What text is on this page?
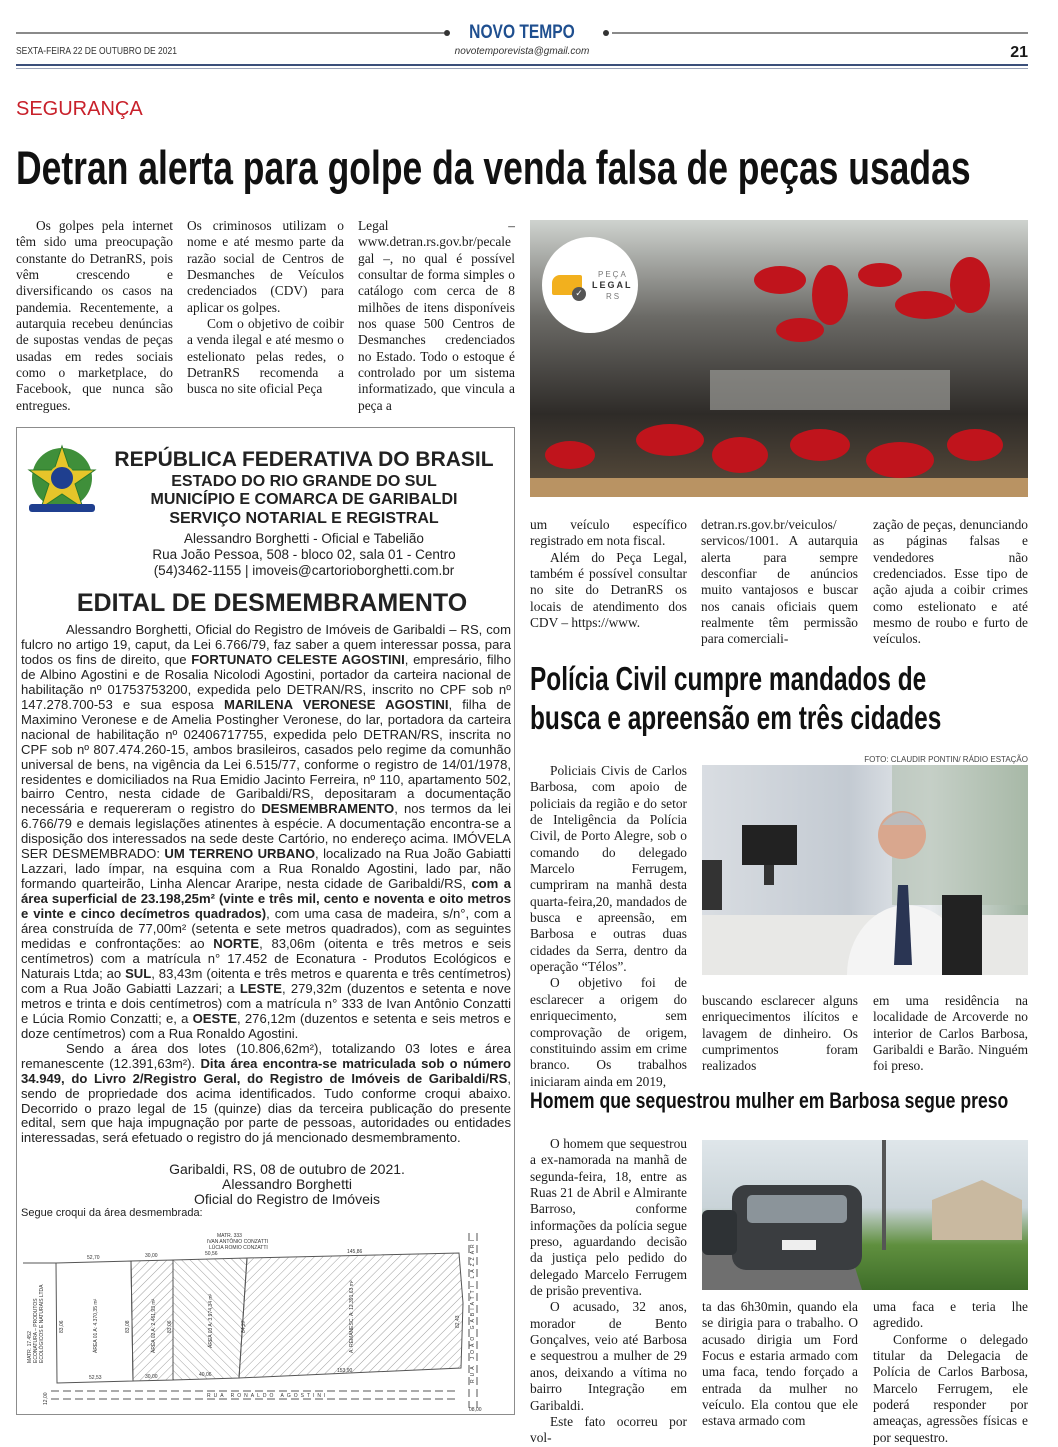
NOVO TEMPO
SEXTA-FEIRA 22 DE OUTUBRO DE 2021	novotemporevista@gmail.com	21
SEGURANÇA
Detran alerta para golpe da venda falsa de peças usadas

Os golpes pela internet têm sido uma preocupação constante do DetranRS, pois vêm crescendo e diversificando os casos na pandemia. Recentemente, a autarquia recebeu denúncias de supostas vendas de peças usadas em redes sociais como o marketplace, do Facebook, que nunca são entregues.

Os criminosos utilizam o nome e até mesmo parte da razão social de Centros de Desmanches de Veículos credenciados (CDV) para aplicar os golpes.

Com o objetivo de coibir a venda ilegal e até mesmo o estelionato pelas redes, o DetranRS recomenda a busca no site oficial Peça

Legal – www.detran.rs.gov.br/pecalegal –, no qual é possível consultar de forma simples o catálogo com cerca de 8 milhões de itens disponíveis nos quase 500 Centros de Desmanches credenciados no Estado. Todo o estoque é controlado por um sistema informatizado, que vincula a peça a

✓
PEÇA
LEGAL
RS

um veículo específico registrado em nota fiscal.

Além do Peça Legal, também é possível consultar no site do DetranRS os locais de atendimento dos CDV – https://www.

detran.rs.gov.br/veiculos/ servicos/1001. A autarquia alerta para sempre desconfiar de anúncios muito vantajosos e buscar nos canais oficiais quem realmente têm permissão para comerciali-

zação de peças, denunciando as páginas falsas e vendedores não credenciados. Esse tipo de ação ajuda a coibir crimes como estelionato e até mesmo de roubo e furto de veículos.

REPÚBLICA FEDERATIVA DO BRASIL
ESTADO DO RIO GRANDE DO SUL
MUNICÍPIO E COMARCA DE GARIBALDI
SERVIÇO NOTARIAL E REGISTRAL
Alessandro Borghetti - Oficial e Tabelião
Rua João Pessoa, 508 - bloco 02, sala 01 - Centro
(54)3462-1155 | imoveis@cartorioborghetti.com.br
EDITAL DE DESMEMBRAMENTO

Alessandro Borghetti, Oficial do Registro de Imóveis de Garibaldi – RS, com fulcro no artigo 19, caput, da Lei 6.766/79, faz saber a quem interessar possa, para todos os fins de direito, que FORTUNATO CELESTE AGOSTINI, empresário, filho de Albino Agostini e de Rosalia Nicolodi Agostini, portador da carteira nacional de habilitação nº 01753753200, expedida pelo DETRAN/RS, inscrito no CPF sob nº 147.278.700-53 e sua esposa MARILENA VERONESE AGOSTINI, filha de Maximino Veronese e de Amelia Postingher Veronese, do lar, portadora da carteira nacional de habilitação nº 02406717755, expedida pelo DETRAN/RS, inscrita no CPF sob nº 807.474.260-15, ambos brasileiros, casados pelo regime da comunhão universal de bens, na vigência da Lei 6.515/77, conforme o registro de 14/01/1978, residentes e domiciliados na Rua Emidio Jacinto Ferreira, nº 110, apartamento 502, bairro Centro, nesta cidade de Garibaldi/RS, depositaram a documentação necessária e requereram o registro do DESMEMBRAMENTO, nos termos da lei 6.766/79 e demais legislações atinentes à espécie. A documentação encontra-se a disposição dos interessados na sede deste Cartório, no endereço acima. IMÓVELA SER DESMEMBRADO: UM TERRENO URBANO, localizado na Rua João Gabiatti Lazzari, lado ímpar, na esquina com a Rua Ronaldo Agostini, lado par, não formando quarteirão, Linha Alencar Araripe, nesta cidade de Garibaldi/RS, com a área superficial de 23.198,25m² (vinte e três mil, cento e noventa e oito metros e vinte e cinco decímetros quadrados), com uma casa de madeira, s/n°, com a área construída de 77,00m² (setenta e sete metros quadrados), com as seguintes medidas e confrontações: ao NORTE, 83,06m (oitenta e três metros e seis centímetros) com a matrícula n° 17.452 de Econatura - Produtos Ecológicos e Naturais Ltda; ao SUL, 83,43m (oitenta e três metros e quarenta e três centímetros) com a Rua João Gabiatti Lazzari; a LESTE, 279,32m (duzentos e setenta e nove metros e trinta e dois centímetros) com a matrícula n° 333 de Ivan Antônio Conzatti e Lúcia Romio Conzatti; e, a OESTE, 276,12m (duzentos e setenta e seis metros e doze centímetros) com a Rua Ronaldo Agostini.

Sendo a área dos lotes (10.806,62m²), totalizando 03 lotes e área remanescente (12.391,63m²). Dita área encontra-se matriculada sob o número 34.949, do Livro 2/Registro Geral, do Registro de Imóveis de Garibaldi/RS, sendo de propriedade dos acima identificados. Tudo conforme croqui abaixo. Decorrido o prazo legal de 15 (quinze) dias da terceira publicação do presente edital, sem que haja impugnação por parte de pessoas, autoridades ou entidades interessadas, será efetuado o registro do já mencionado desmembramento.

Garibaldi, RS, 08 de outubro de 2021.
Alessandro Borghetti
Oficial do Registro de Imóveis
Segue croqui da área desmembrada:
MATR. 333
IVAN ANTÔNIO CONZATTI
LÚCIA ROMIO CONZATTI
MATR. 17.452 ECONATURA – PRODUTOS ECOLÓGICOS E NATURAIS LTDA
RUA RONALDO AGOSTINI
RUA JOÃO GABIATTI LAZZARI
ÁREA 01 A: 4.370,35 m²	ÁREA 02 A: 2.461,93 m²	ÁREA 03 A: 3.974,34 m²	A. REMANESC. A: 12.391,63 m²
52,70	30,00	50,56	145,86
52,53	30,00	40,06
153,90
83,06	83,08	83,06	84,27	82,43
12,00
08,00
Polícia Civil cumpre mandados de
busca e apreensão em três cidades
FOTO: CLAUDIR PONTIN/ RÁDIO ESTAÇÃO

Policiais Civis de Carlos Barbosa, com apoio de policiais da região e do setor de Inteligência da Polícia Civil, de Porto Alegre, sob o comando do delegado Marcelo Ferrugem, cumpriram na manhã desta quarta-feira,20, mandados de busca e apreensão, em Barbosa e outras duas cidades da Serra, dentro da operação “Télos”.

O objetivo foi de esclarecer a origem do enriquecimento, sem comprovação de origem, constituindo assim em crime branco. Os trabalhos iniciaram ainda em 2019,

buscando esclarecer alguns enriquecimentos ilícitos e lavagem de dinheiro. Os cumprimentos foram realizados

em uma residência na localidade de Arcoverde no interior de Carlos Barbosa, Garibaldi e Barão. Ninguém foi preso.

Homem que sequestrou mulher em Barbosa segue preso

O homem que sequestrou a ex-namorada na manhã de segunda-feira, 18, entre as Ruas 21 de Abril e Almirante Barroso, conforme informações da polícia segue preso, aguardando decisão da justiça pelo pedido do delegado Marcelo Ferrugem de prisão preventiva.

O acusado, 32 anos, morador de Bento Gonçalves, veio até Barbosa e sequestrou a mulher de 29 anos, deixando a vítima no bairro Integração em Garibaldi.

Este fato ocorreu por vol-

ta das 6h30min, quando ela se dirigia para o trabalho. O acusado dirigia um Ford Focus e estaria armado com uma faca, tendo forçado a entrada da mulher no veículo. Ela contou que ele estava armado com

uma faca e teria lhe agredido.

Conforme o delegado titular da Delegacia de Polícia de Carlos Barbosa, Marcelo Ferrugem, ele poderá responder por ameaças, agressões físicas e por sequestro.
